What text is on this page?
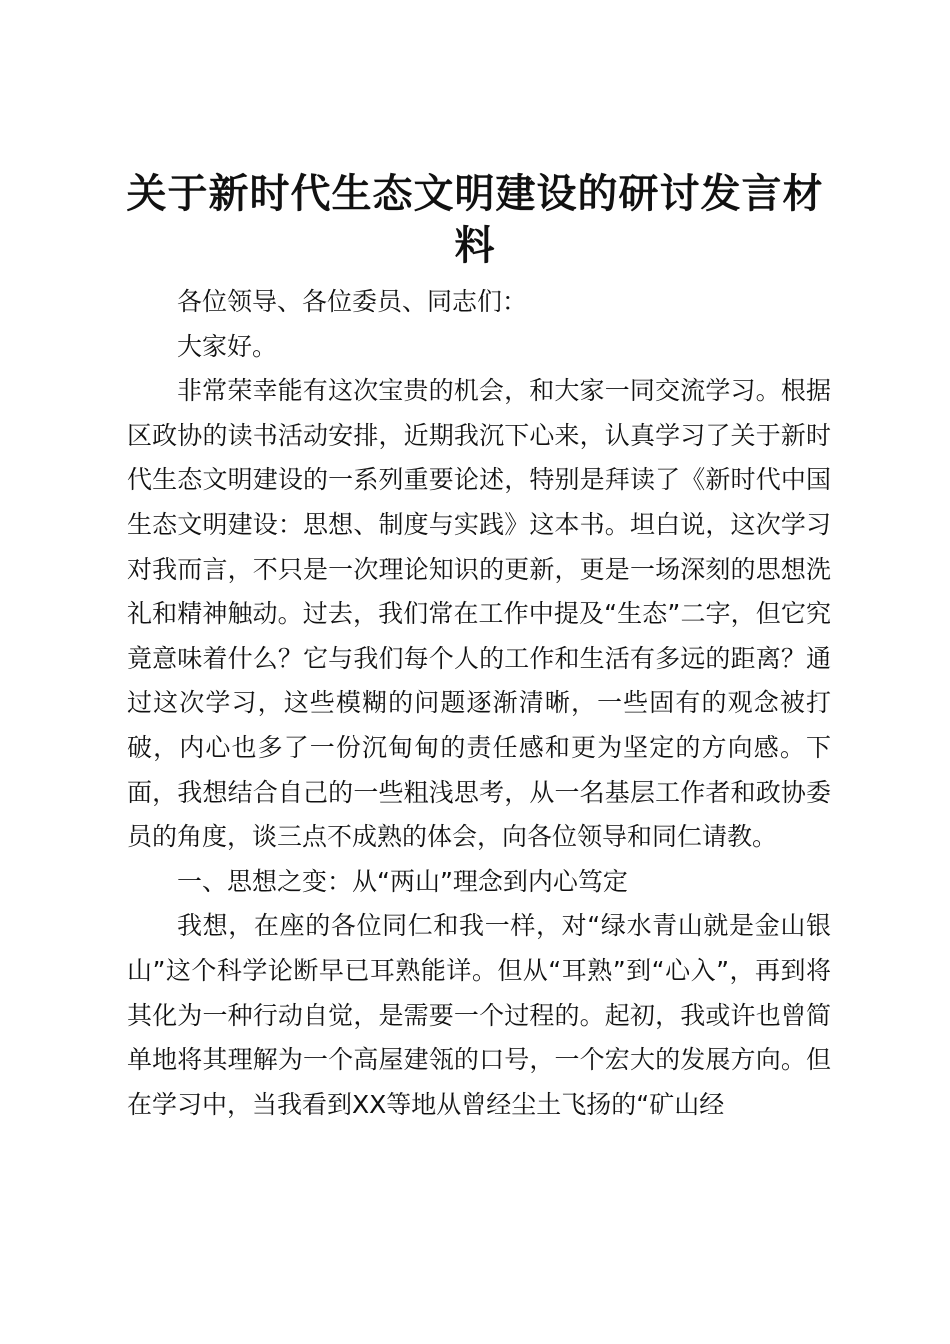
关于新时代生态文明建设的研讨发言材料

各位领导、各位委员、同志们：

大家好。

非常荣幸能有这次宝贵的机会，和大家一同交流学习。根据区政协的读书活动安排，近期我沉下心来，认真学习了关于新时代生态文明建设的一系列重要论述，特别是拜读了《新时代中国生态文明建设：思想、制度与实践》这本书。坦白说，这次学习对我而言，不只是一次理论知识的更新，更是一场深刻的思想洗礼和精神触动。过去，我们常在工作中提及“生态”二字，但它究竟意味着什么？它与我们每个人的工作和生活有多远的距离？通过这次学习，这些模糊的问题逐渐清晰，一些固有的观念被打破，内心也多了一份沉甸甸的责任感和更为坚定的方向感。下面，我想结合自己的一些粗浅思考，从一名基层工作者和政协委员的角度，谈三点不成熟的体会，向各位领导和同仁请教。

一、思想之变：从“两山”理念到内心笃定

我想，在座的各位同仁和我一样，对“绿水青山就是金山银山”这个科学论断早已耳熟能详。但从“耳熟”到“心入”，再到将其化为一种行动自觉，是需要一个过程的。起初，我或许也曾简单地将其理解为一个高屋建瓴的口号，一个宏大的发展方向。但在学习中，当我看到XX等地从曾经尘土飞扬的“矿山经
